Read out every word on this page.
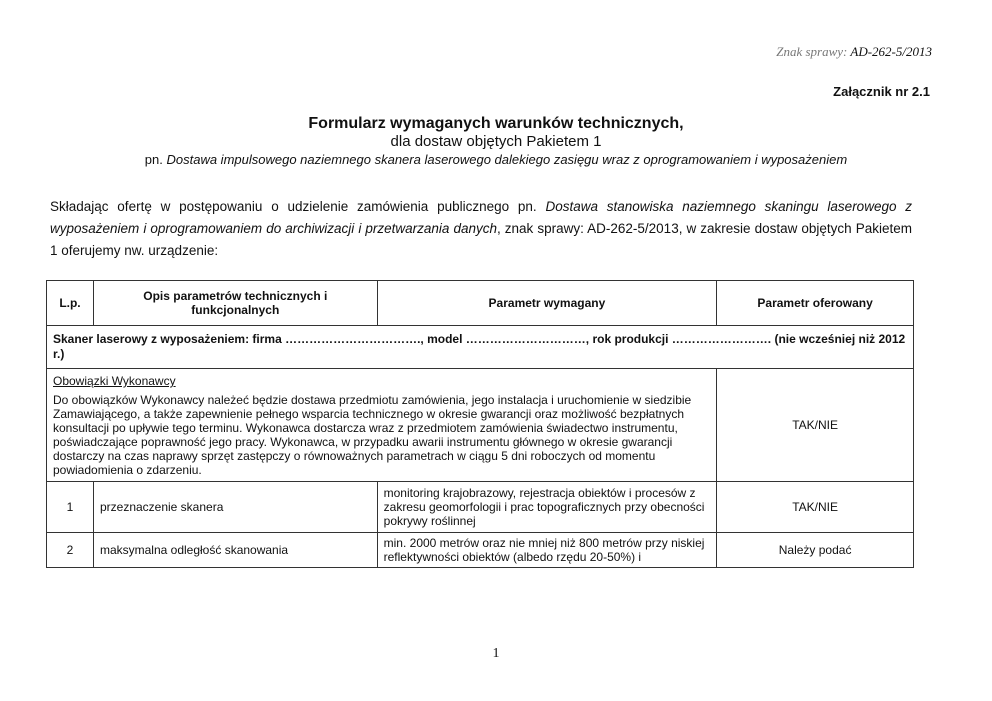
Znak sprawy: AD-262-5/2013
Załącznik nr 2.1
Formularz wymaganych warunków technicznych,
dla dostaw objętych Pakietem 1
pn. Dostawa impulsowego naziemnego skanera laserowego dalekiego zasięgu wraz z oprogramowaniem i wyposażeniem
Składając ofertę w postępowaniu o udzielenie zamówienia publicznego pn. Dostawa stanowiska naziemnego skaningu laserowego z wyposażeniem i oprogramowaniem do archiwizacji i przetwarzania danych, znak sprawy: AD-262-5/2013, w zakresie dostaw objętych Pakietem 1 oferujemy nw. urządzenie:
L.p.	Opis parametrów technicznych i funkcjonalnych	Parametr wymagany	Parametr oferowany
Skaner laserowy z wyposażeniem: firma ……………………………., model …………………………, rok produkcji ……………………. (nie wcześniej niż 2012 r.)			

Obowiązki Wykonawcy
Do obowiązków Wykonawcy należeć będzie dostawa przedmiotu zamówienia, jego instalacja i uruchomienie w siedzibie Zamawiającego, a także zapewnienie pełnego wsparcia technicznego w okresie gwarancji oraz możliwość bezpłatnych konsultacji po upływie tego terminu. Wykonawca dostarcza wraz z przedmiotem zamówienia świadectwo instrumentu, poświadczające poprawność jego pracy. Wykonawca, w przypadku awarii instrumentu głównego w okresie gwarancji dostarczy na czas naprawy sprzęt zastępczy o równoważnych parametrach w ciągu 5 dni roboczych od momentu powiadomienia o zdarzeniu.			TAK/NIE
1	przeznaczenie skanera	monitoring krajobrazowy, rejestracja obiektów i procesów z zakresu geomorfologii i prac topograficznych przy obecności pokrywy roślinnej	TAK/NIE
2	maksymalna odległość skanowania	min. 2000 metrów oraz nie mniej niż 800 metrów przy niskiej reflektywności obiektów (albedo rzędu 20-50%) i	Należy podać
1
